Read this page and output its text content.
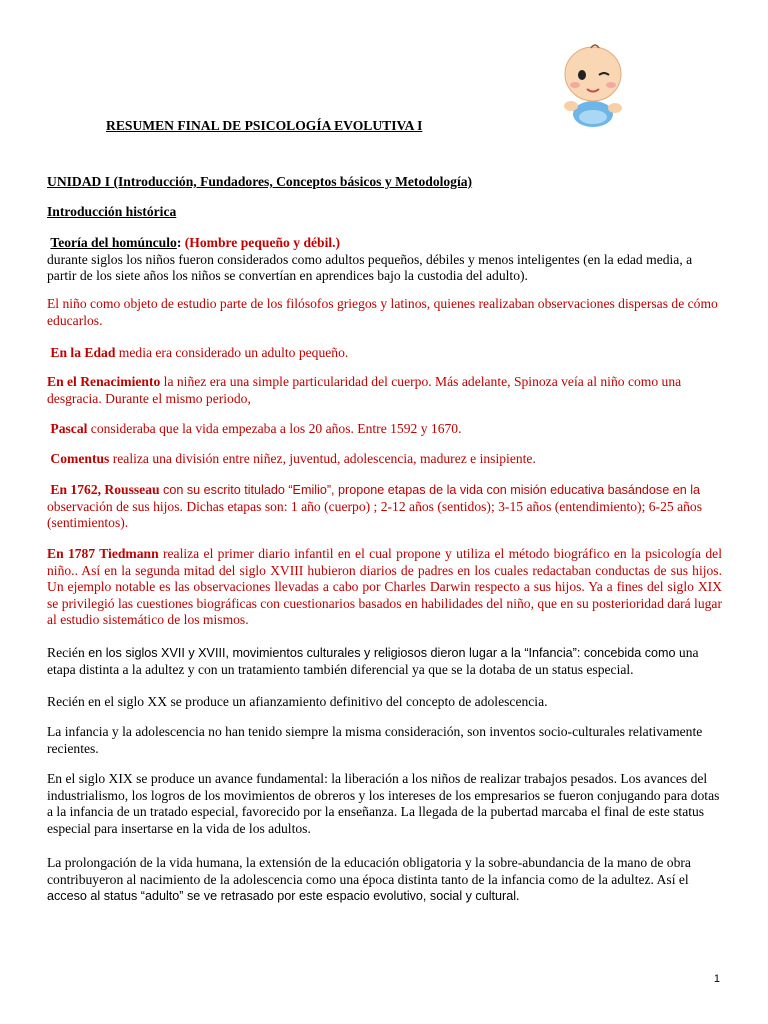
RESUMEN FINAL DE PSICOLOGÍA EVOLUTIVA I

UNIDAD I (Introducción, Fundadores, Conceptos básicos y Metodología)

Introducción histórica

Teoría del homúnculo: (Hombre pequeño y débil.)
durante siglos los niños fueron considerados como adultos pequeños, débiles y menos inteligentes (en la edad media, a partir de los siete años los niños se convertían en aprendices bajo la custodia del adulto).

El niño como objeto de estudio parte de los filósofos griegos y latinos, quienes realizaban observaciones dispersas de cómo educarlos.

En la Edad media era considerado un adulto pequeño.

En el Renacimiento la niñez era una simple particularidad del cuerpo. Más adelante, Spinoza veía al niño como una desgracia. Durante el mismo periodo,

Pascal consideraba que la vida empezaba a los 20 años. Entre 1592 y 1670.

Comentus realiza una división entre niñez, juventud, adolescencia, madurez e insipiente.

En 1762, Rousseau con su escrito titulado “Emilio”, propone etapas de la vida con misión educativa basándose en la observación de sus hijos. Dichas etapas son: 1 año (cuerpo) ; 2-12 años (sentidos); 3-15 años (entendimiento); 6-25 años (sentimientos).

En 1787 Tiedmann realiza el primer diario infantil en el cual propone y utiliza el método biográfico en la psicología del niño.. Así en la segunda mitad del siglo XVIII hubieron diarios de padres en los cuales redactaban conductas de sus hijos. Un ejemplo notable es las observaciones llevadas a cabo por Charles Darwin respecto a sus hijos. Ya a fines del siglo XIX se privilegió las cuestiones biográficas con cuestionarios basados en habilidades del niño, que en su posterioridad dará lugar al estudio sistemático de los mismos.

Recién en los siglos XVII y XVIII, movimientos culturales y religiosos dieron lugar a la “Infancia”: concebida como una etapa distinta a la adultez y con un tratamiento también diferencial ya que se la dotaba de un status especial.

Recién en el siglo XX se produce un afianzamiento definitivo del concepto de adolescencia.

La infancia y la adolescencia no han tenido siempre la misma consideración, son inventos socio-culturales relativamente recientes.

En el siglo XIX se produce un avance fundamental: la liberación a los niños de realizar trabajos pesados. Los avances del industrialismo, los logros de los movimientos de obreros y los intereses de los empresarios se fueron conjugando para dotas a la infancia de un tratado especial, favorecido por la enseñanza. La llegada de la pubertad marcaba el final de este status especial para insertarse en la vida de los adultos.

La prolongación de la vida humana, la extensión de la educación obligatoria y la sobre-abundancia de la mano de obra contribuyeron al nacimiento de la adolescencia como una época distinta tanto de la infancia como de la adultez. Así el acceso al status “adulto” se ve retrasado por este espacio evolutivo, social y cultural.

1
